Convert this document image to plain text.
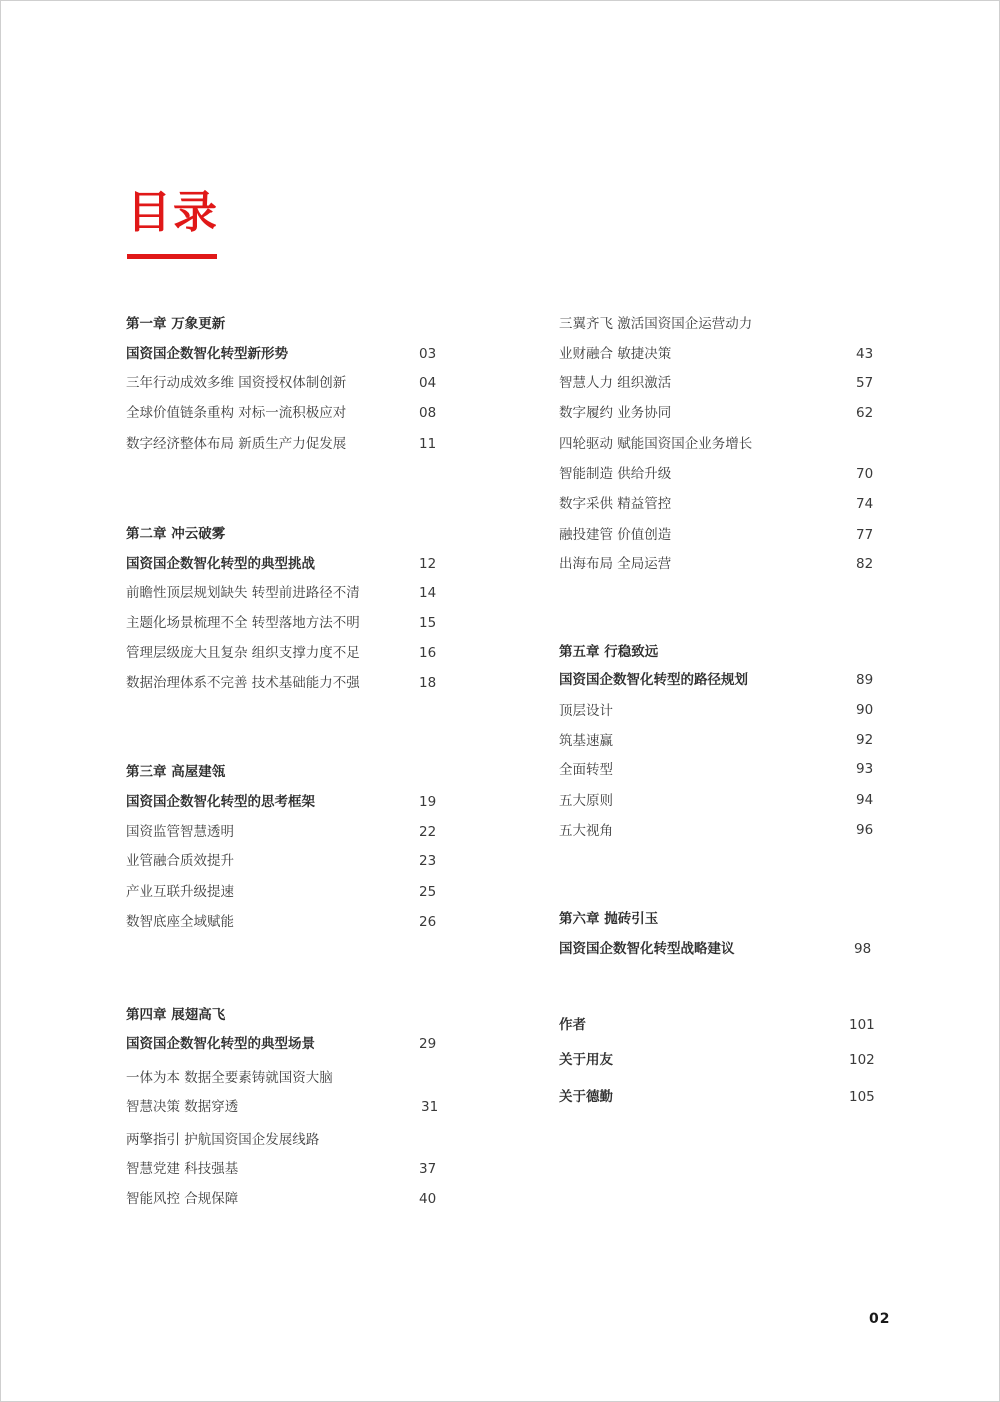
目录
第一章 万象更新
国资国企数智化转型新形势	03
三年行动成效多维 国资授权体制创新	04
全球价值链条重构 对标一流积极应对	08
数字经济整体布局 新质生产力促发展	11
第二章 冲云破雾
国资国企数智化转型的典型挑战	12
前瞻性顶层规划缺失 转型前进路径不清	14
主题化场景梳理不全 转型落地方法不明	15
管理层级庞大且复杂 组织支撑力度不足	16
数据治理体系不完善 技术基础能力不强	18
第三章 高屋建瓴
国资国企数智化转型的思考框架	19
国资监管智慧透明	22
业管融合质效提升	23
产业互联升级提速	25
数智底座全域赋能	26
第四章 展翅高飞
国资国企数智化转型的典型场景	29
一体为本 数据全要素铸就国资大脑
智慧决策 数据穿透	31
两擎指引 护航国资国企发展线路
智慧党建 科技强基	37
智能风控 合规保障	40
三翼齐飞 激活国资国企运营动力
业财融合 敏捷决策	43
智慧人力 组织激活	57
数字履约 业务协同	62
四轮驱动 赋能国资国企业务增长
智能制造 供给升级	70
数字采供 精益管控	74
融投建管 价值创造	77
出海布局 全局运营	82
第五章 行稳致远
国资国企数智化转型的路径规划	89
顶层设计	90
筑基速赢	92
全面转型	93
五大原则	94
五大视角	96
第六章 抛砖引玉
国资国企数智化转型战略建议	98
作者	101
关于用友	102
关于德勤	105
02
